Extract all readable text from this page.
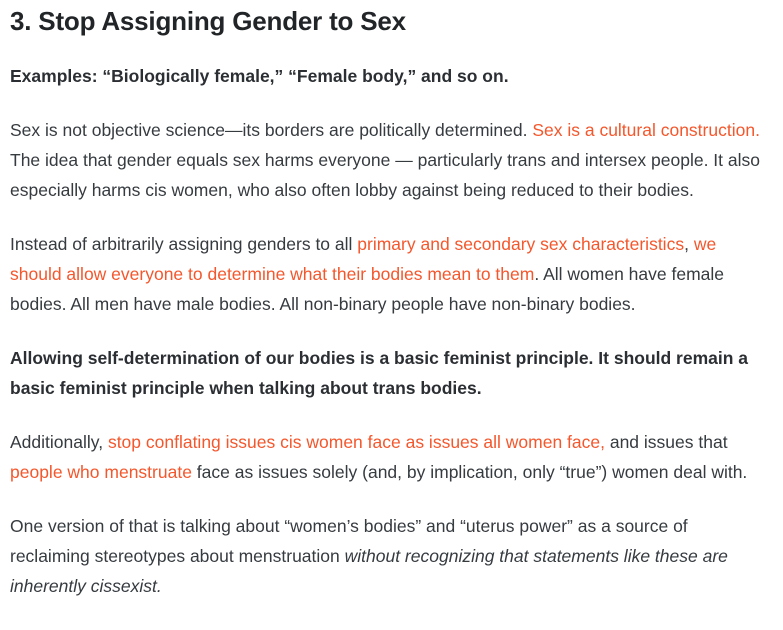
3. Stop Assigning Gender to Sex

Examples: “Biologically female,” “Female body,” and so on.

Sex is not objective science—its borders are politically determined. Sex is a cultural construction. The idea that gender equals sex harms everyone — particularly trans and intersex people. It also especially harms cis women, who also often lobby against being reduced to their bodies.

Instead of arbitrarily assigning genders to all primary and secondary sex characteristics, we should allow everyone to determine what their bodies mean to them. All women have female bodies. All men have male bodies. All non-binary people have non-binary bodies.

Allowing self-determination of our bodies is a basic feminist principle. It should remain a basic feminist principle when talking about trans bodies.

Additionally, stop conflating issues cis women face as issues all women face, and issues that people who menstruate face as issues solely (and, by implication, only “true”) women deal with.

One version of that is talking about “women’s bodies” and “uterus power” as a source of reclaiming stereotypes about menstruation without recognizing that statements like these are inherently cissexist.
